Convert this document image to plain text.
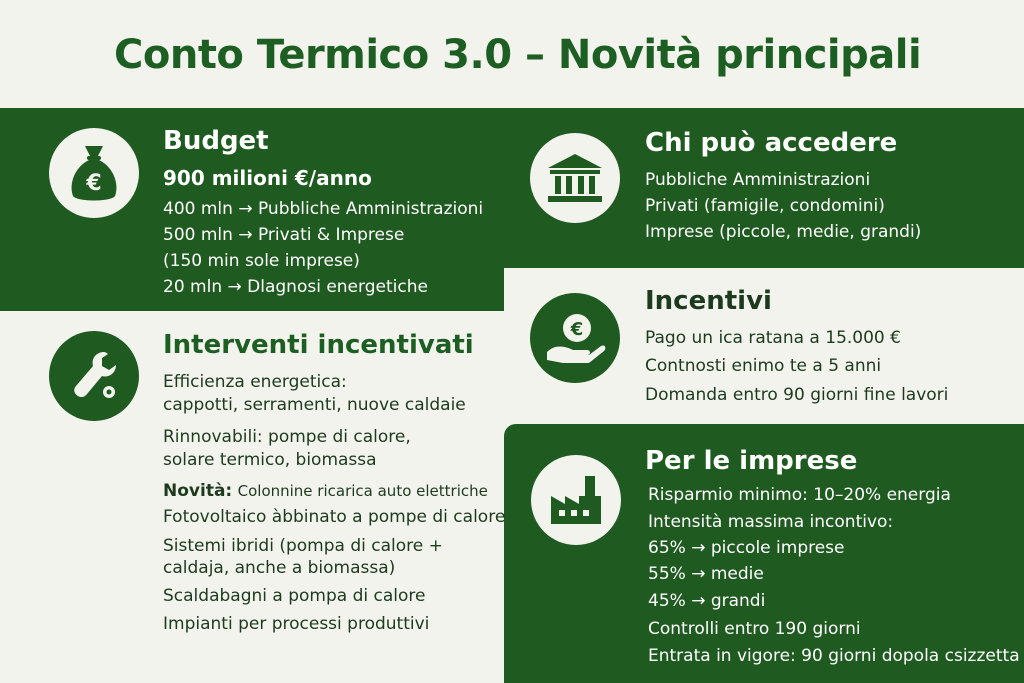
Conto Termico 3.0 – Novità principali
€
Budget
900 milioni €/anno
400 mln → Pubbliche Amministrazioni
500 mln → Privati & Imprese
(150 min sole imprese)
20 mln → Dlagnosi energetiche
Chi può accedere
Pubbliche Amministrazioni
Privati (famigile, condomini)
Imprese (piccole, medie, grandi)
Interventi incentivati
Efficienza energetica:
cappotti, serramenti, nuove caldaie
Rinnovabili: pompe di calore,
solare termico, biomassa
Novità: Colonnine ricarica auto elettriche
Fotovoltaico àbbinato a pompe di calore
Sistemi ibridi (pompa di calore +
caldaja, anche a biomassa)
Scaldabagni a pompa di calore
Impianti per processi produttivi
€
Incentivi
Pago un ica ratana a 15.000 €
Contnosti̇ enimo te a 5 anni
Domanda entro 90 giorni fine lavori
Per le imprese
Risparmio minimo: 10–20% energia
Intensità massima incontivo:
65% → piccole imprese
55% → medie
45% → grandi
Controlli entro 190 giorni
Entrata in vigore: 90 giorni dopola csizzetta
